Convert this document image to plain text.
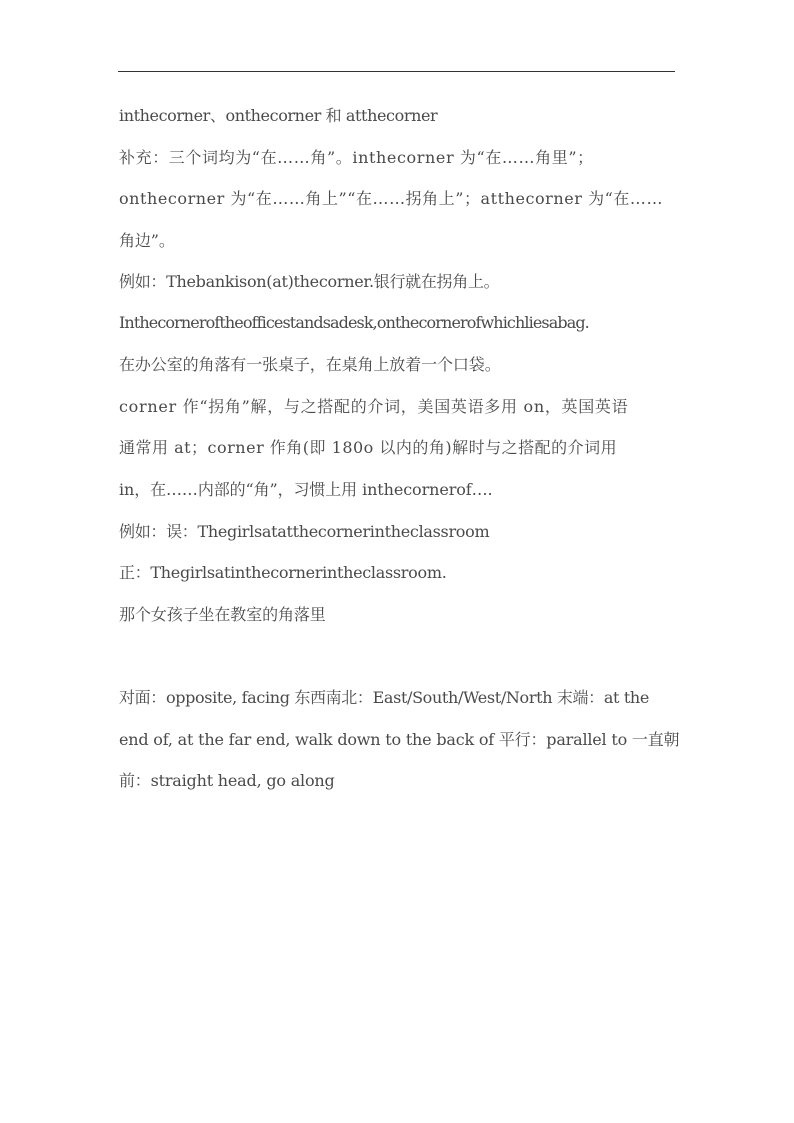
inthecorner、onthecorner 和 atthecorner
补充：三个词均为“在……角”。inthecorner 为“在……角里”；
onthecorner 为“在……角上”“在……拐角上”；atthecorner 为“在……
角边”。
例如：Thebankison(at)thecorner.银行就在拐角上。
Inthecorneroftheofficestandsadesk,onthecornerofwhichliesabag.
在办公室的角落有一张桌子，在桌角上放着一个口袋。
corner 作“拐角”解，与之搭配的介词，美国英语多用 on，英国英语
通常用 at；corner 作角(即 180o 以内的角)解时与之搭配的介词用
in，在……内部的“角”，习惯上用 inthecornerof….
例如：误：Thegirlsatatthecornerintheclassroom
正：Thegirlsatinthecornerintheclassroom.
那个女孩子坐在教室的角落里
对面：opposite, facing 东西南北：East/South/West/North 末端：at the
end of, at the far end, walk down to the back of 平行：parallel to 一直朝
前：straight head, go along
